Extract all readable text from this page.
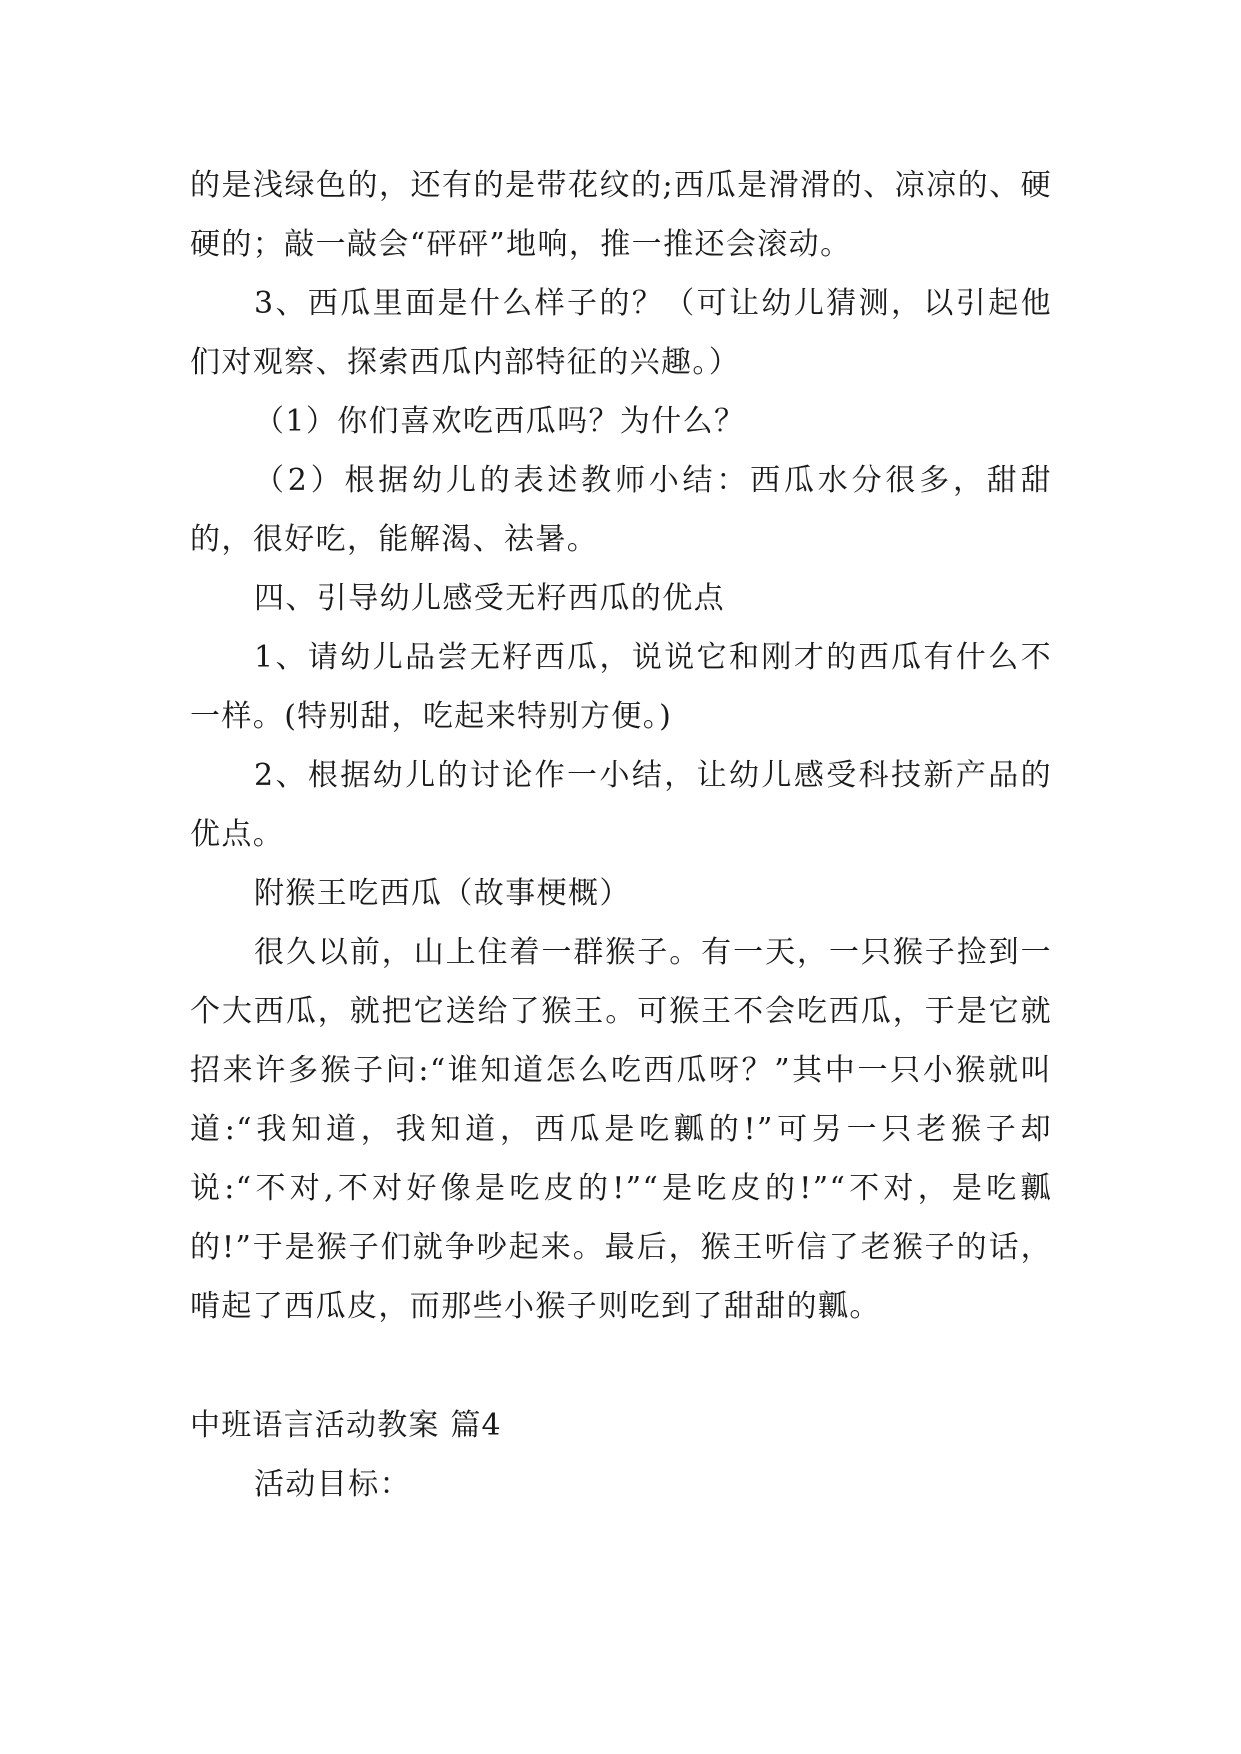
的是浅绿色的，还有的是带花纹的;西瓜是滑滑的、凉凉的、硬硬的；敲一敲会“砰砰”地响，推一推还会滚动。

3、西瓜里面是什么样子的？（可让幼儿猜测，以引起他们对观察、探索西瓜内部特征的兴趣。）

（1）你们喜欢吃西瓜吗？为什么？

（2）根据幼儿的表述教师小结：西瓜水分很多，甜甜的，很好吃，能解渴、祛暑。

四、引导幼儿感受无籽西瓜的优点

1、请幼儿品尝无籽西瓜，说说它和刚才的西瓜有什么不一样。(特别甜，吃起来特别方便。)

2、根据幼儿的讨论作一小结，让幼儿感受科技新产品的优点。

附猴王吃西瓜（故事梗概）

很久以前，山上住着一群猴子。有一天，一只猴子捡到一个大西瓜，就把它送给了猴王。可猴王不会吃西瓜，于是它就招来许多猴子问:“谁知道怎么吃西瓜呀？”其中一只小猴就叫道:“我知道，我知道，西瓜是吃瓤的!”可另一只老猴子却说:“不对,不对好像是吃皮的!”“是吃皮的!”“不对，是吃瓤的!”于是猴子们就争吵起来。最后，猴王听信了老猴子的话，啃起了西瓜皮，而那些小猴子则吃到了甜甜的瓤。

中班语言活动教案 篇4

活动目标：
